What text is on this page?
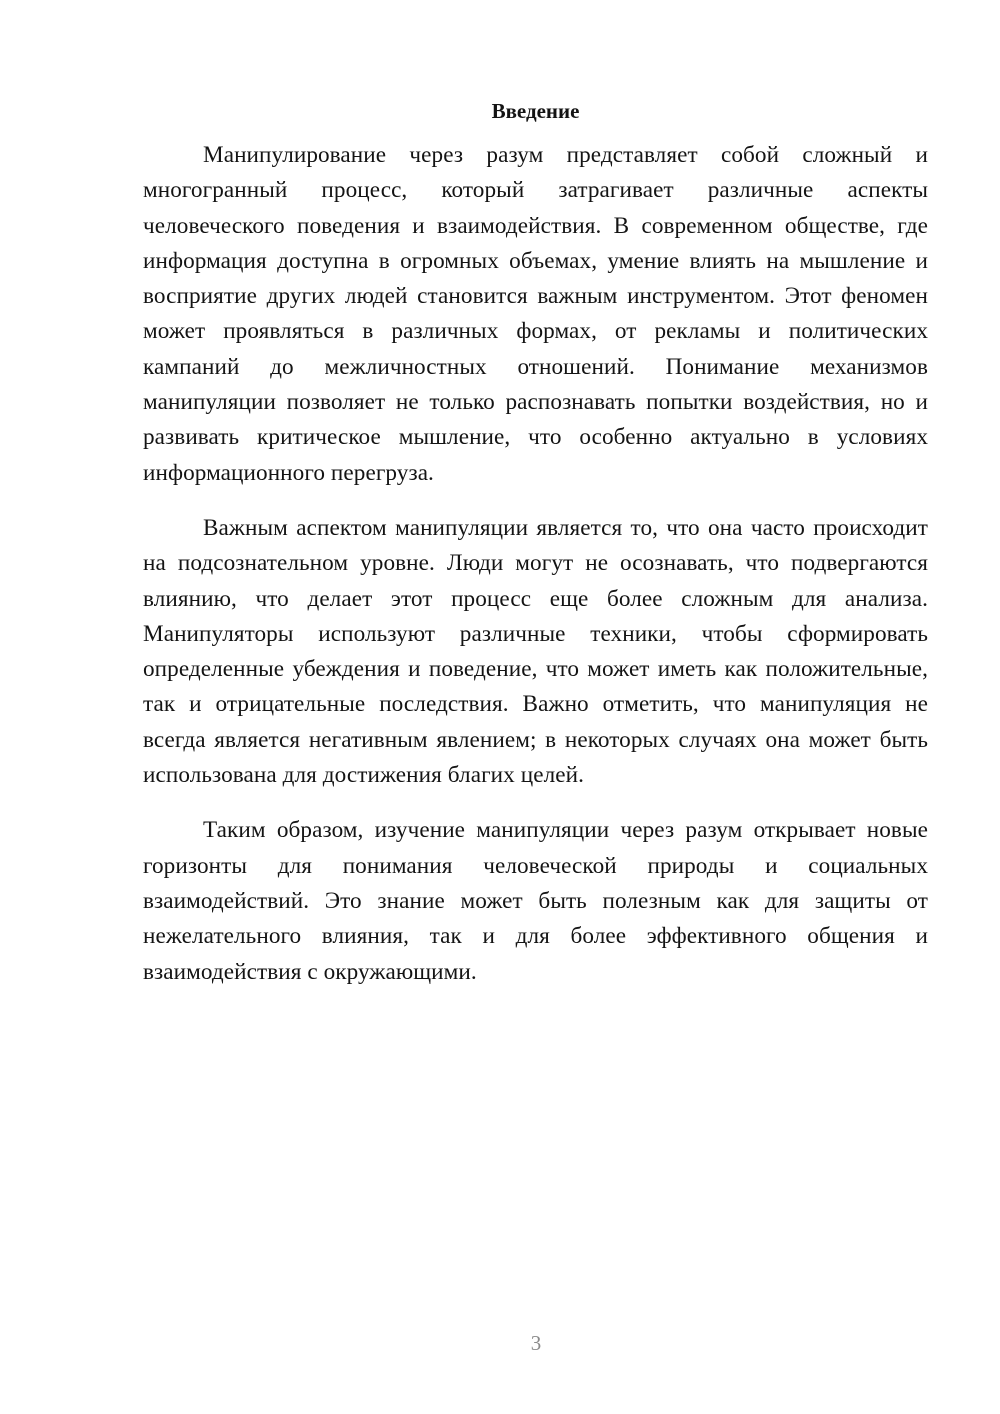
Введение

Манипулирование через разум представляет собой сложный и многогранный процесс, который затрагивает различные аспекты человеческого поведения и взаимодействия. В современном обществе, где информация доступна в огромных объемах, умение влиять на мышление и восприятие других людей становится важным инструментом. Этот феномен может проявляться в различных формах, от рекламы и политических кампаний до межличностных отношений. Понимание механизмов манипуляции позволяет не только распознавать попытки воздействия, но и развивать критическое мышление, что особенно актуально в условиях информационного перегруза.

Важным аспектом манипуляции является то, что она часто происходит на подсознательном уровне. Люди могут не осознавать, что подвергаются влиянию, что делает этот процесс еще более сложным для анализа. Манипуляторы используют различные техники, чтобы сформировать определенные убеждения и поведение, что может иметь как положительные, так и отрицательные последствия. Важно отметить, что манипуляция не всегда является негативным явлением; в некоторых случаях она может быть использована для достижения благих целей.

Таким образом, изучение манипуляции через разум открывает новые горизонты для понимания человеческой природы и социальных взаимодействий. Это знание может быть полезным как для защиты от нежелательного влияния, так и для более эффективного общения и взаимодействия с окружающими.

3
